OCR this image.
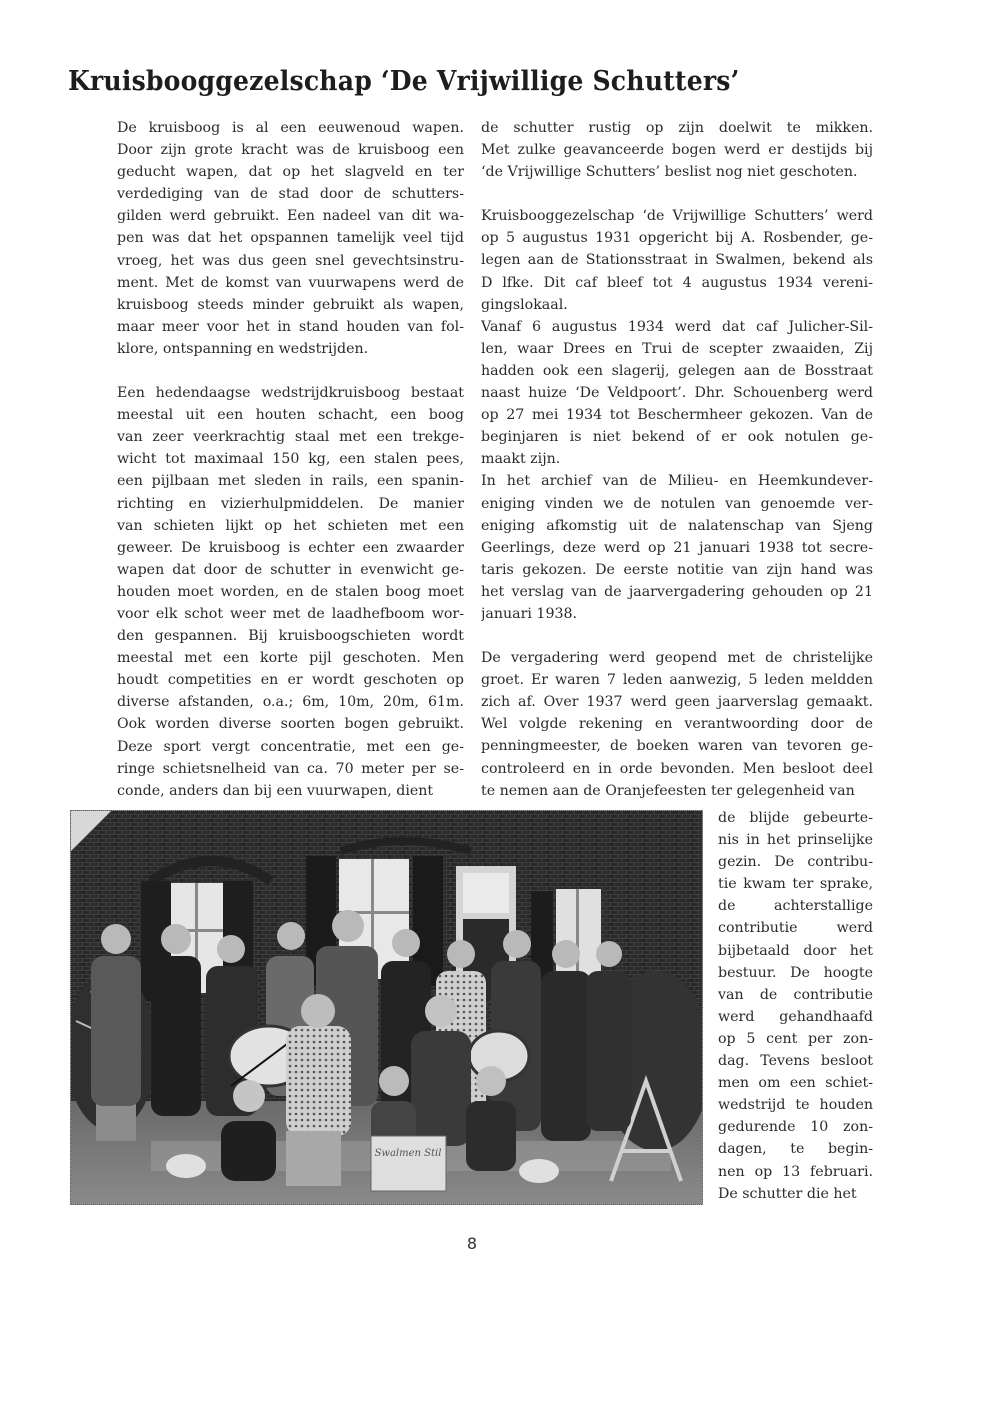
Kruisbooggezelschap ‘De Vrijwillige Schutters’

De kruisboog is al een eeuwenoud wapen.
Door zijn grote kracht was de kruisboog een
geducht wapen, dat op het slagveld en ter
verdediging van de stad door de schutters-
gilden werd gebruikt. Een nadeel van dit wa-
pen was dat het opspannen tamelijk veel tijd
vroeg, het was dus geen snel gevechtsinstru-
ment. Met de komst van vuurwapens werd de
kruisboog steeds minder gebruikt als wapen,
maar meer voor het in stand houden van fol-
klore, ontspanning en wedstrijden.

Een hedendaagse wedstrijdkruisboog bestaat
meestal uit een houten schacht, een boog
van zeer veerkrachtig staal met een trekge-
wicht tot maximaal 150 kg, een stalen pees,
een pijlbaan met sleden in rails, een spanin-
richting en vizierhulpmiddelen. De manier
van schieten lijkt op het schieten met een
geweer. De kruisboog is echter een zwaarder
wapen dat door de schutter in evenwicht ge-
houden moet worden, en de stalen boog moet
voor elk schot weer met de laadhefboom wor-
den gespannen. Bij kruisboogschieten wordt
meestal met een korte pijl geschoten. Men
houdt competities en er wordt geschoten op
diverse afstanden, o.a.; 6m, 10m, 20m, 61m.
Ook worden diverse soorten bogen gebruikt.
Deze sport vergt concentratie, met een ge-
ringe schietsnelheid van ca. 70 meter per se-
conde, anders dan bij een vuurwapen, dient

de schutter rustig op zijn doelwit te mikken.
Met zulke geavanceerde bogen werd er destijds bij
‘de Vrijwillige Schutters’ beslist nog niet geschoten.

Kruisbooggezelschap ‘de Vrijwillige Schutters’ werd
op 5 augustus 1931 opgericht bij A. Rosbender, ge-
legen aan de Stationsstraat in Swalmen, bekend als
D lfke. Dit caf bleef tot 4 augustus 1934 vereni-
gingslokaal.

Vanaf 6 augustus 1934 werd dat caf Julicher-Sil-
len, waar Drees en Trui de scepter zwaaiden, Zij
hadden ook een slagerij, gelegen aan de Bosstraat
naast huize ‘De Veldpoort’. Dhr. Schouenberg werd
op 27 mei 1934 tot Beschermheer gekozen. Van de
beginjaren is niet bekend of er ook notulen ge-
maakt zijn.

In het archief van de Milieu- en Heemkundever-
eniging vinden we de notulen van genoemde ver-
eniging afkomstig uit de nalatenschap van Sjeng
Geerlings, deze werd op 21 januari 1938 tot secre-
taris gekozen. De eerste notitie van zijn hand was
het verslag van de jaarvergadering gehouden op 21
januari 1938.

De vergadering werd geopend met de christelijke
groet. Er waren 7 leden aanwezig, 5 leden meldden
zich af. Over 1937 werd geen jaarverslag gemaakt.
Wel volgde rekening en verantwoording door de
penningmeester, de boeken waren van tevoren ge-
controleerd en in orde bevonden. Men besloot deel
te nemen aan de Oranjefeesten ter gelegenheid van

de blijde gebeurte-
nis in het prinselijke
gezin. De contribu-
tie kwam ter sprake,
de achterstallige
contributie werd
bijbetaald door het
bestuur. De hoogte
van de contributie
werd gehandhaafd
op 5 cent per zon-
dag. Tevens besloot
men om een schiet-
wedstrijd te houden
gedurende 10 zon-
dagen, te begin-
nen op 13 februari.
De schutter die het

Swalmen Stil
8
